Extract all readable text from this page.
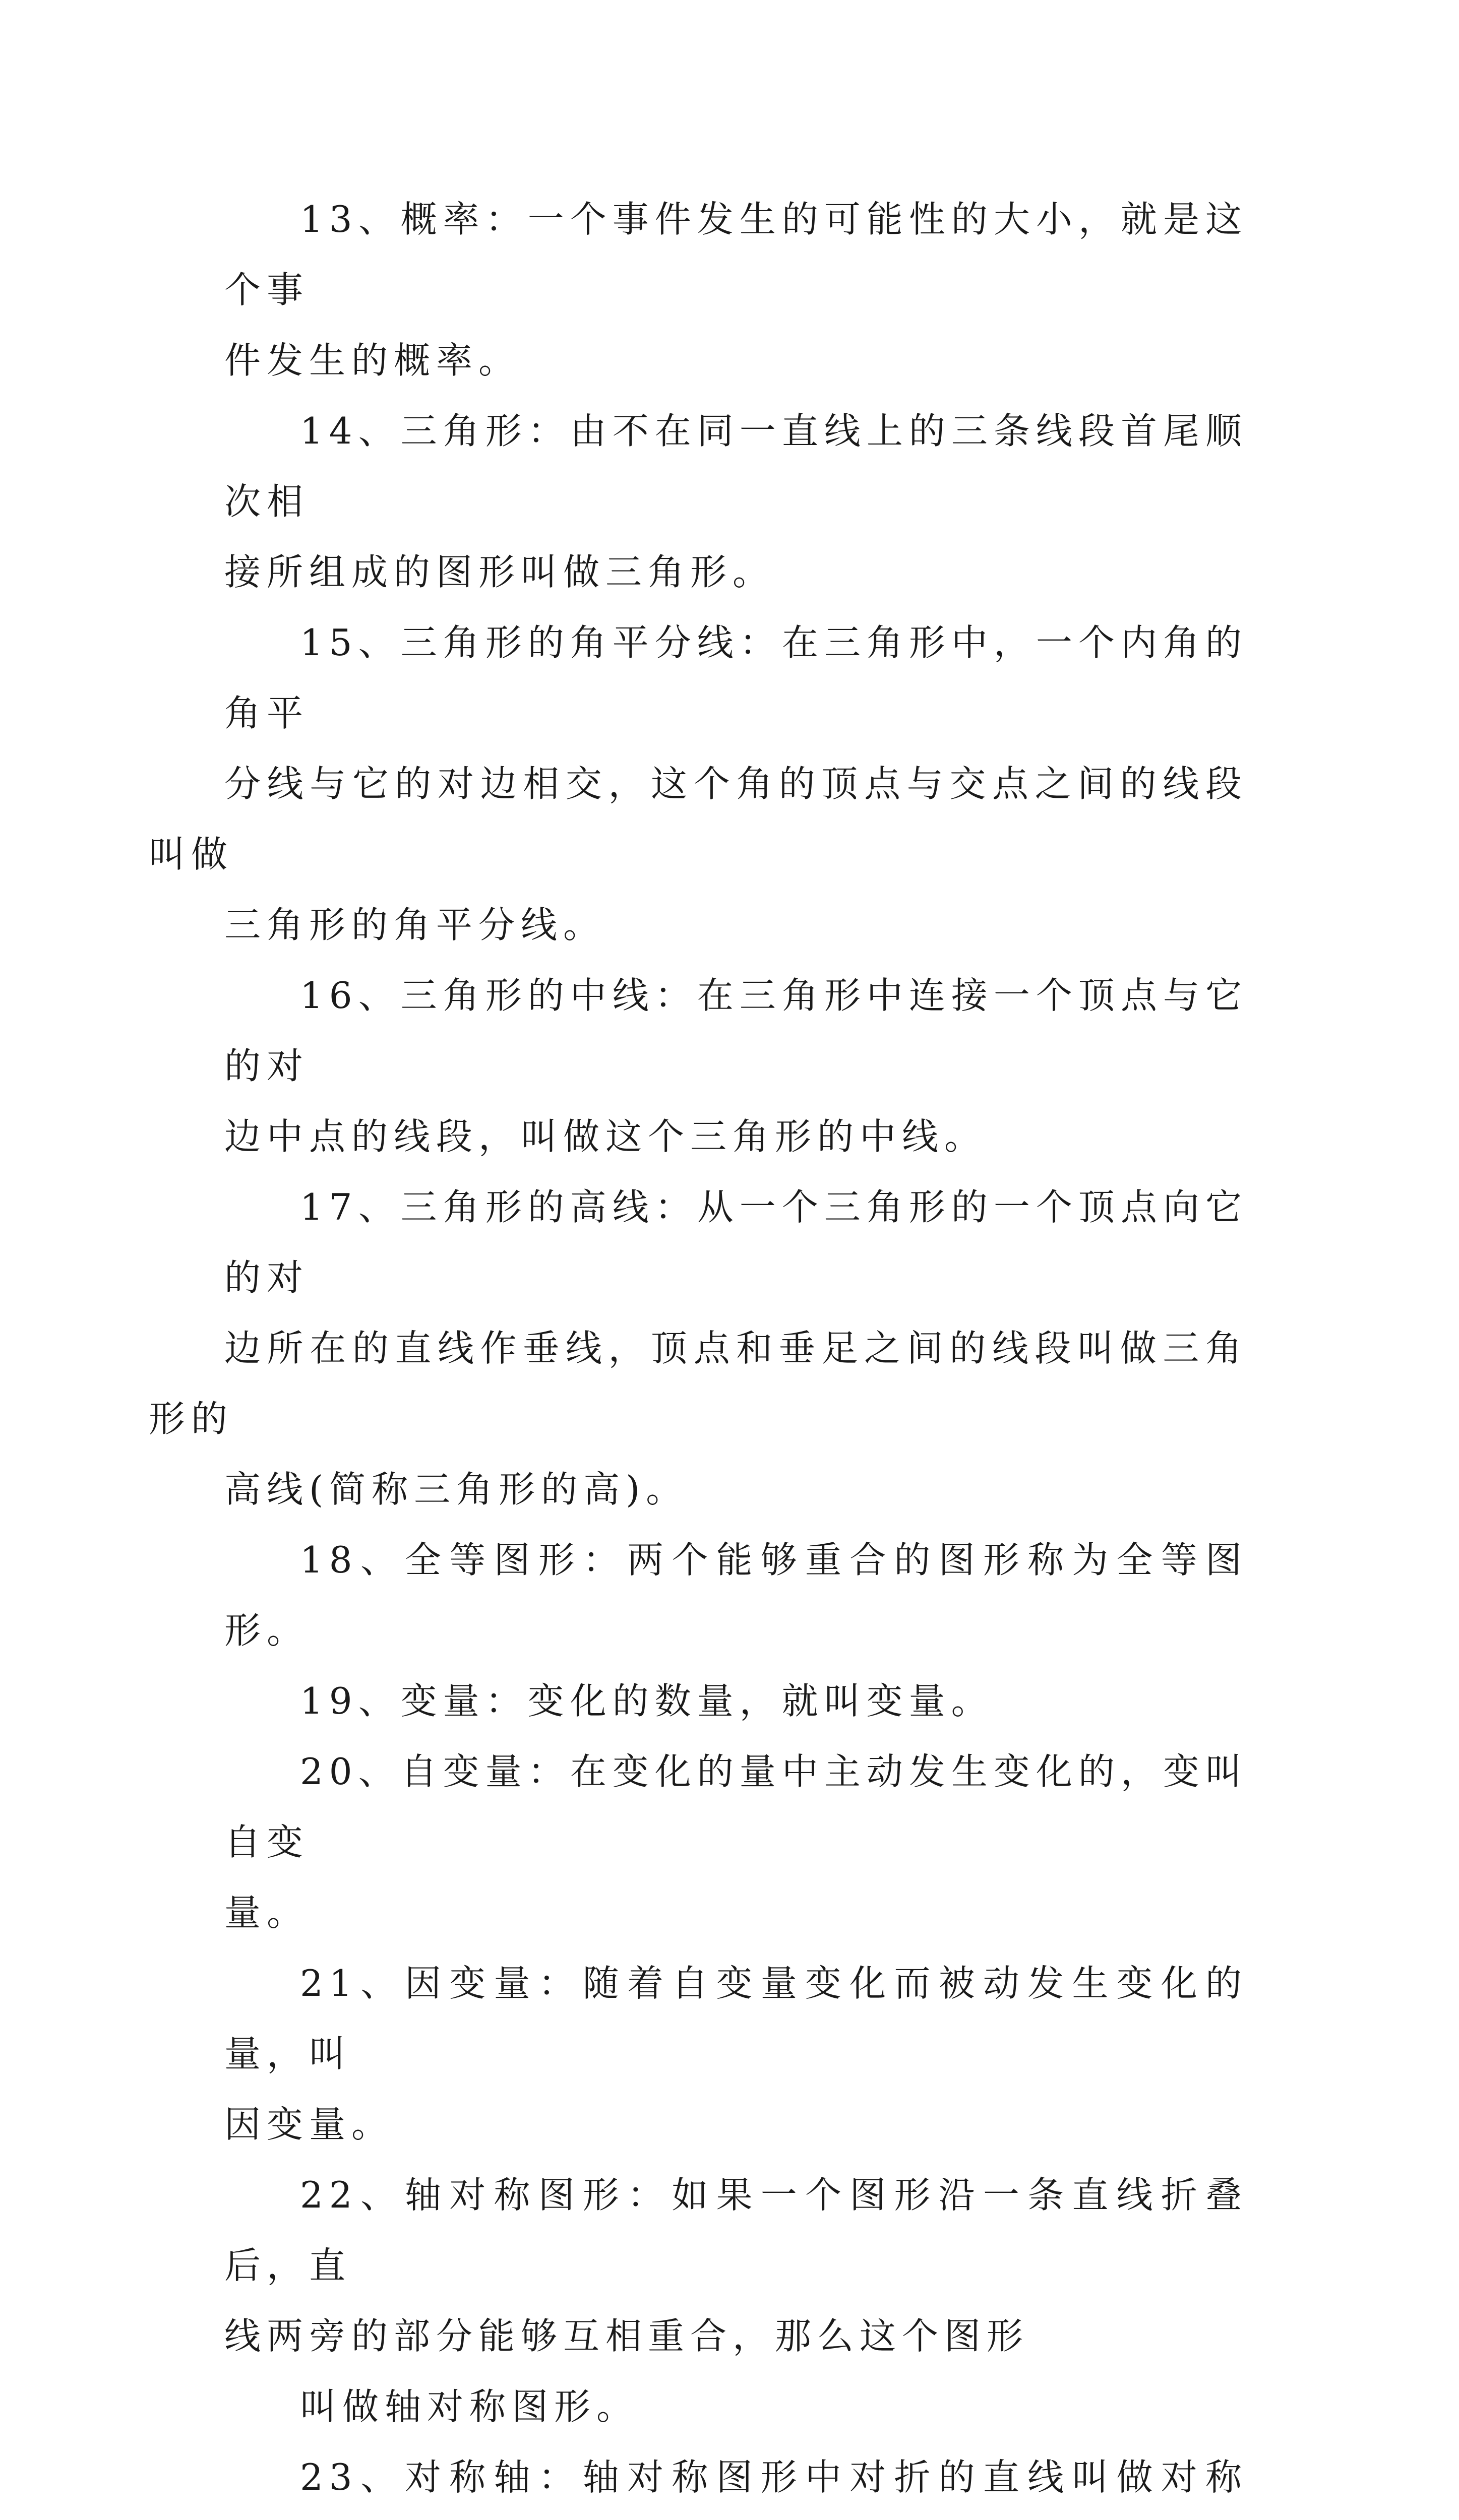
13、概率：一个事件发生的可能性的大小，就是这个事
件发生的概率。
14、三角形：由不在同一直线上的三条线段首尾顺次相
接所组成的图形叫做三角形。
15、三角形的角平分线：在三角形中，一个内角的角平
分线与它的对边相交，这个角的顶点与交点之间的线段叫做
三角形的角平分线。
16、三角形的中线：在三角形中连接一个顶点与它的对
边中点的线段，叫做这个三角形的中线。
17、三角形的高线：从一个三角形的一个顶点向它的对
边所在的直线作垂线，顶点和垂足之间的线段叫做三角形的
高线(简称三角形的高)。
18、全等图形：两个能够重合的图形称为全等图形。
19、变量：变化的数量，就叫变量。
20、自变量：在变化的量中主动发生变化的，变叫自变
量。
21、因变量：随着自变量变化而被动发生变化的量，叫
因变量。
22、轴对称图形：如果一个图形沿一条直线折叠后，直
线两旁的部分能够互相重合，那么这个图形
叫做轴对称图形。
23、对称轴：轴对称图形中对折的直线叫做对称
